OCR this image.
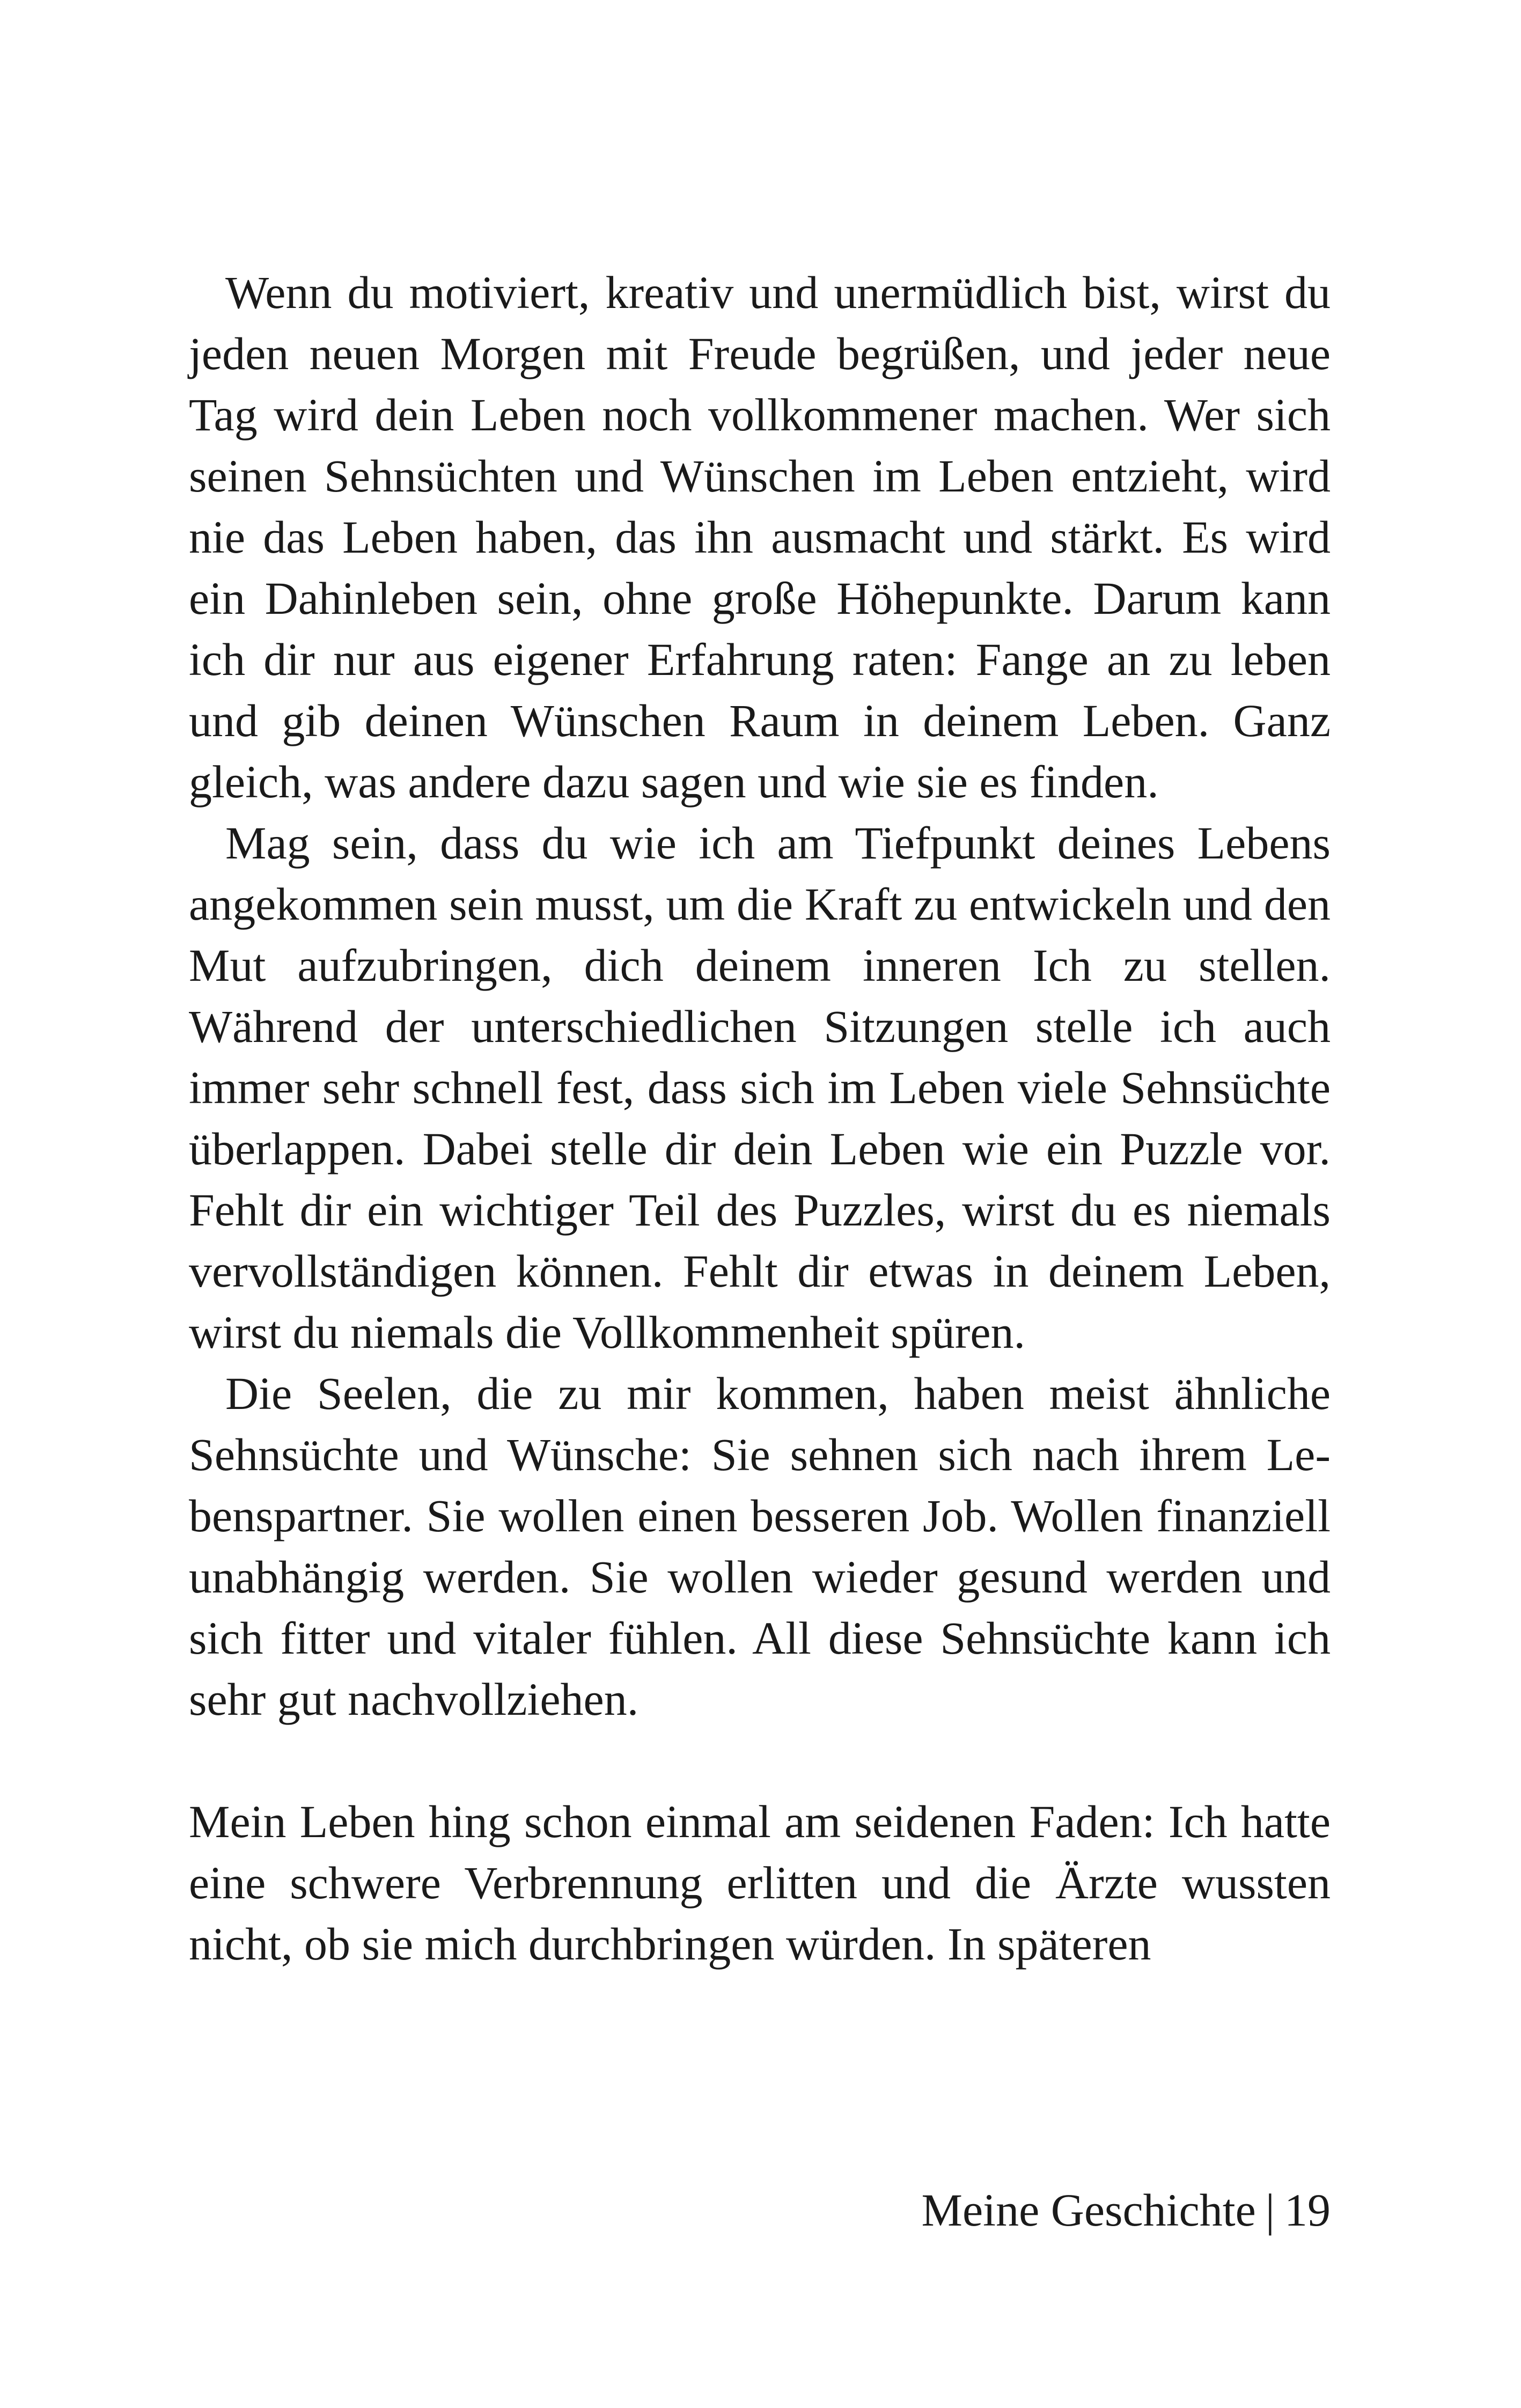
Wenn du motiviert, kreativ und unermüdlich bist, wirst du jeden neuen Morgen mit Freude begrüßen, und jeder neue Tag wird dein Leben noch vollkommener machen. Wer sich seinen Sehnsüchten und Wünschen im Leben entzieht, wird nie das Leben haben, das ihn ausmacht und stärkt. Es wird ein Dahinleben sein, ohne große Höhepunkte. Darum kann ich dir nur aus eigener Erfahrung raten: Fange an zu leben und gib deinen Wünschen Raum in deinem Leben. Ganz gleich, was andere dazu sagen und wie sie es finden.

Mag sein, dass du wie ich am Tiefpunkt deines Lebens angekommen sein musst, um die Kraft zu entwickeln und den Mut aufzubringen, dich deinem inneren Ich zu stellen. Während der unterschiedlichen Sitzungen stelle ich auch immer sehr schnell fest, dass sich im Leben viele Sehnsüchte überlappen. Dabei stelle dir dein Leben wie ein Puzzle vor. Fehlt dir ein wichtiger Teil des Puzzles, wirst du es niemals vervollständigen können. Fehlt dir etwas in deinem Leben, wirst du niemals die Vollkommenheit spüren.

Die Seelen, die zu mir kommen, haben meist ähnliche Sehnsüchte und Wünsche: Sie sehnen sich nach ihrem Lebenspartner. Sie wollen einen besseren Job. Wollen finanziell unabhängig werden. Sie wollen wieder gesund werden und sich fitter und vitaler fühlen. All diese Sehnsüchte kann ich sehr gut nachvollziehen.

Mein Leben hing schon einmal am seidenen Faden: Ich hatte eine schwere Verbrennung erlitten und die Ärzte wussten nicht, ob sie mich durchbringen würden. In späteren

Meine Geschichte | 19
